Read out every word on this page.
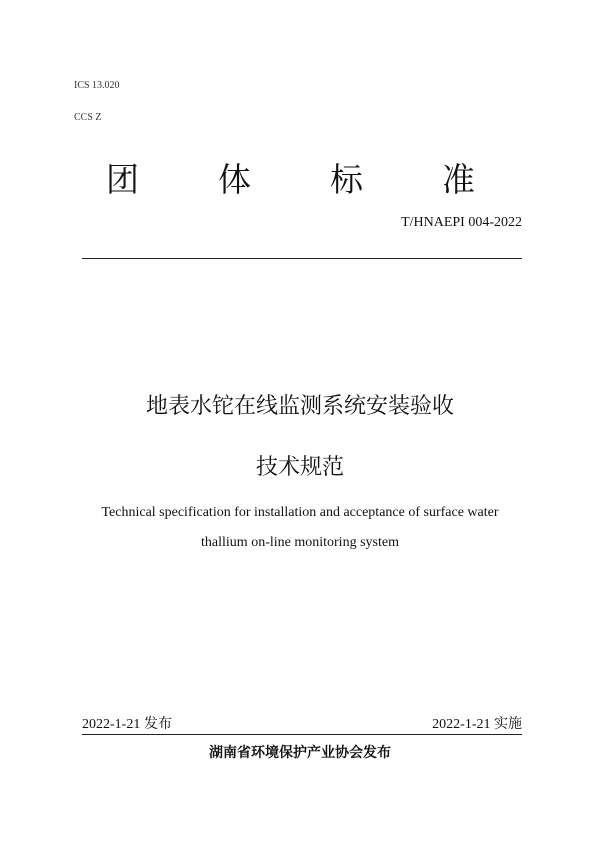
ICS 13.020
CCS Z
团 体 标 准
T/HNAEPI 004-2022
地表水铊在线监测系统安装验收
技术规范
Technical specification for installation and acceptance of surface water
thallium on-line monitoring system
2022-1-21 发布	2022-1-21 实施
湖南省环境保护产业协会发布
